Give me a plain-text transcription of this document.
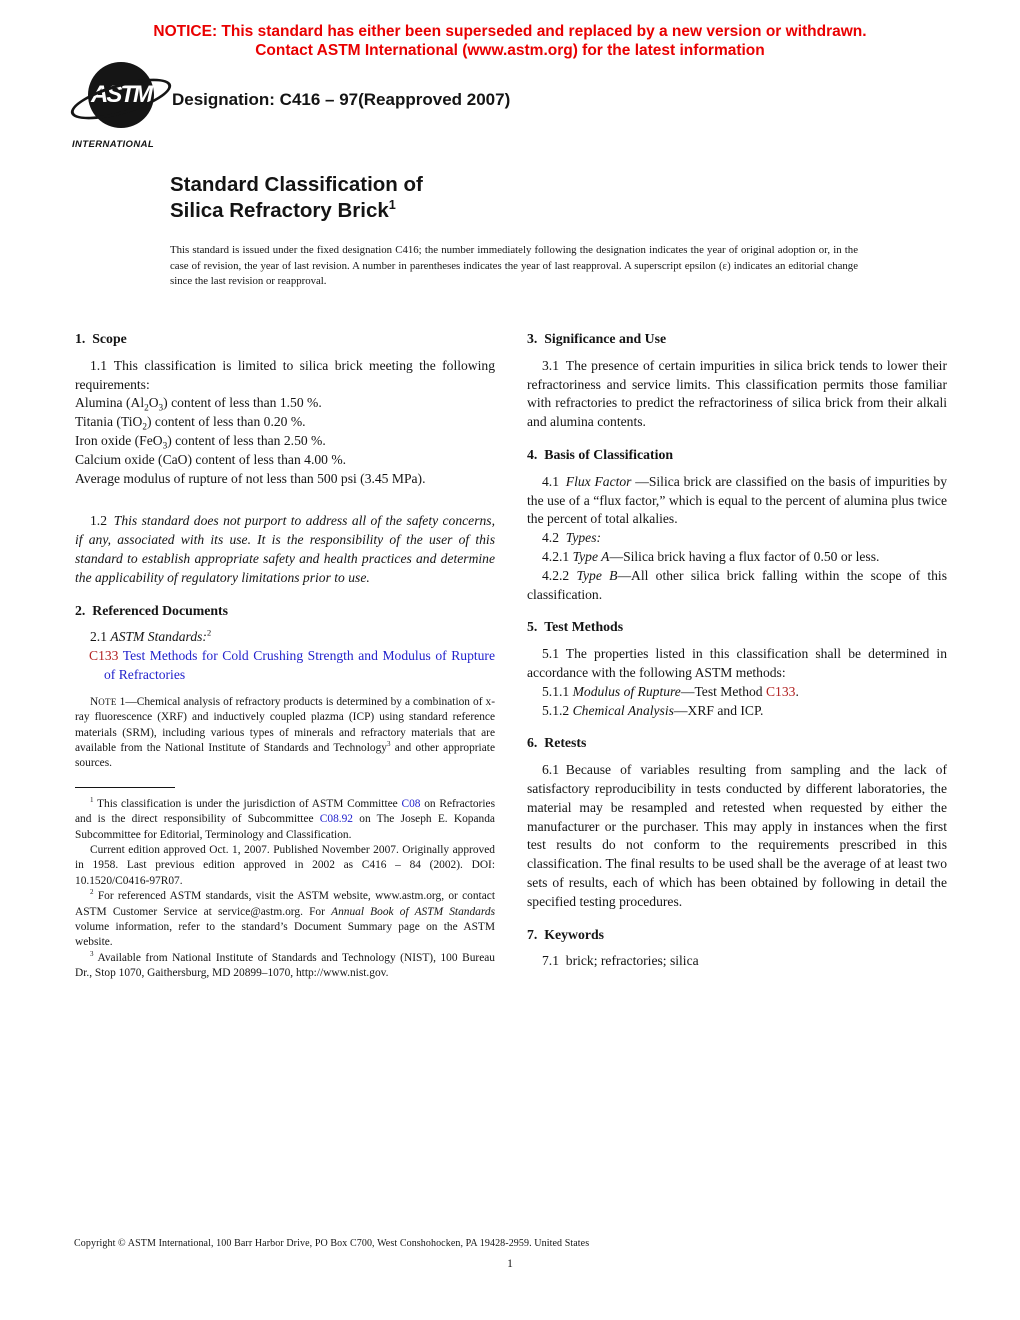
NOTICE: This standard has either been superseded and replaced by a new version or withdrawn.
Contact ASTM International (www.astm.org) for the latest information
ASTM
INTERNATIONAL
Designation: C416 – 97(Reapproved 2007)
Standard Classification of
Silica Refractory Brick$^1$

This standard is issued under the fixed designation C416; the number immediately following the designation indicates the year of original adoption or, in the case of revision, the year of last revision. A number in parentheses indicates the year of last reapproval. A superscript epsilon (ε) indicates an editorial change since the last revision or reapproval.

1. Scope

1.1 This classification is limited to silica brick meeting the following requirements:

Alumina $(Al_2O_3)$ content of less than 1.50 %.

Titania (TiO$_2$) content of less than 0.20 %.

Iron oxide (FeO$_3$) content of less than 2.50 %.

Calcium oxide (CaO) content of less than 4.00 %.

Average modulus of rupture of not less than 500 psi (3.45 MPa).

1.2 This standard does not purport to address all of the safety concerns, if any, associated with its use. It is the responsibility of the user of this standard to establish appropriate safety and health practices and determine the applicability of regulatory limitations prior to use.

2. Referenced Documents

2.1 ASTM Standards:$^2$

C133 Test Methods for Cold Crushing Strength and Modulus of Rupture of Refractories

NOTE 1—Chemical analysis of refractory products is determined by a combination of x-ray fluorescence (XRF) and inductively coupled plazma (ICP) using standard reference materials (SRM), including various types of minerals and refractory materials that are available from the National Institute of Standards and Technology$^3$ and other appropriate sources.

$^1$ This classification is under the jurisdiction of ASTM Committee C08 on Refractories and is the direct responsibility of Subcommittee C08.92 on The Joseph E. Kopanda Subcommittee for Editorial, Terminology and Classification.

Current edition approved Oct. 1, 2007. Published November 2007. Originally approved in 1958. Last previous edition approved in 2002 as C416 – 84 (2002). DOI: 10.1520/C0416-97R07.

$^2$ For referenced ASTM standards, visit the ASTM website, www.astm.org, or contact ASTM Customer Service at service@astm.org. For Annual Book of ASTM Standards volume information, refer to the standard’s Document Summary page on the ASTM website.

$^3$ Available from National Institute of Standards and Technology (NIST), 100 Bureau Dr., Stop 1070, Gaithersburg, MD 20899–1070, http://www.nist.gov.

3. Significance and Use

3.1 The presence of certain impurities in silica brick tends to lower their refractoriness and service limits. This classification permits those familiar with refractories to predict the refractoriness of silica brick from their alkali and alumina contents.

4. Basis of Classification

4.1 Flux Factor —Silica brick are classified on the basis of impurities by the use of a “flux factor,” which is equal to the percent of alumina plus twice the percent of total alkalies.

4.2 Types:

4.2.1 Type A—Silica brick having a flux factor of 0.50 or less.

4.2.2 Type B—All other silica brick falling within the scope of this classification.

5. Test Methods

5.1 The properties listed in this classification shall be determined in accordance with the following ASTM methods:

5.1.1 Modulus of Rupture—Test Method C133.

5.1.2 Chemical Analysis—XRF and ICP.

6. Retests

6.1 Because of variables resulting from sampling and the lack of satisfactory reproducibility in tests conducted by different laboratories, the material may be resampled and retested when requested by either the manufacturer or the purchaser. This may apply in instances when the first test results do not conform to the requirements prescribed in this classification. The final results to be used shall be the average of at least two sets of results, each of which has been obtained by following in detail the specified testing procedures.

7. Keywords

7.1 brick; refractories; silica

Copyright © ASTM International, 100 Barr Harbor Drive, PO Box C700, West Conshohocken, PA 19428-2959. United States
1
